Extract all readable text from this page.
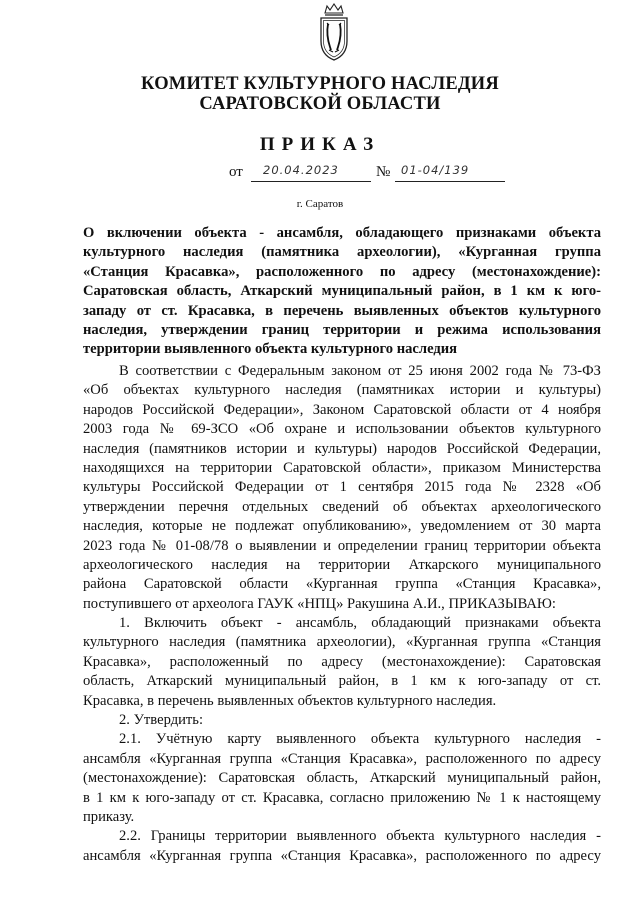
КОМИТЕТ КУЛЬТУРНОГО НАСЛЕДИЯ
САРАТОВСКОЙ ОБЛАСТИ
ПРИКАЗ
от 20.04.2023 № 01-04/139
г. Саратов
О включении объекта - ансамбля, обладающего признаками объекта
культурного наследия (памятника археологии), «Курганная группа
«Станция Красавка», расположенного по адресу (местонахождение):
Саратовская область, Аткарский муниципальный район, в 1 км к юго-
западу от ст. Красавка, в перечень выявленных объектов культурного
наследия, утверждении границ территории и режима использования
территории выявленного объекта культурного наследия
В соответствии с Федеральным законом от 25 июня 2002 года № 73-ФЗ
«Об объектах культурного наследия (памятниках истории и культуры)
народов Российской Федерации», Законом Саратовской области от 4 ноября
2003 года № 69-ЗСО «Об охране и использовании объектов культурного
наследия (памятников истории и культуры) народов Российской Федерации,
находящихся на территории Саратовской области», приказом Министерства
культуры Российской Федерации от 1 сентября 2015 года № 2328 «Об
утверждении перечня отдельных сведений об объектах археологического
наследия, которые не подлежат опубликованию», уведомлением от 30 марта
2023 года № 01-08/78 о выявлении и определении границ территории объекта
археологического наследия на территории Аткарского муниципального
района Саратовской области «Курганная группа «Станция Красавка»,
поступившего от археолога ГАУК «НПЦ» Ракушина А.И., ПРИКАЗЫВАЮ:
1. Включить объект - ансамбль, обладающий признаками объекта
культурного наследия (памятника археологии), «Курганная группа «Станция
Красавка», расположенный по адресу (местонахождение): Саратовская
область, Аткарский муниципальный район, в 1 км к юго-западу от ст.
Красавка, в перечень выявленных объектов культурного наследия.
2. Утвердить:
2.1. Учётную карту выявленного объекта культурного наследия -
ансамбля «Курганная группа «Станция Красавка», расположенного по адресу
(местонахождение): Саратовская область, Аткарский муниципальный район,
в 1 км к юго-западу от ст. Красавка, согласно приложению № 1 к настоящему
приказу.
2.2. Границы территории выявленного объекта культурного наследия -
ансамбля «Курганная группа «Станция Красавка», расположенного по адресу
